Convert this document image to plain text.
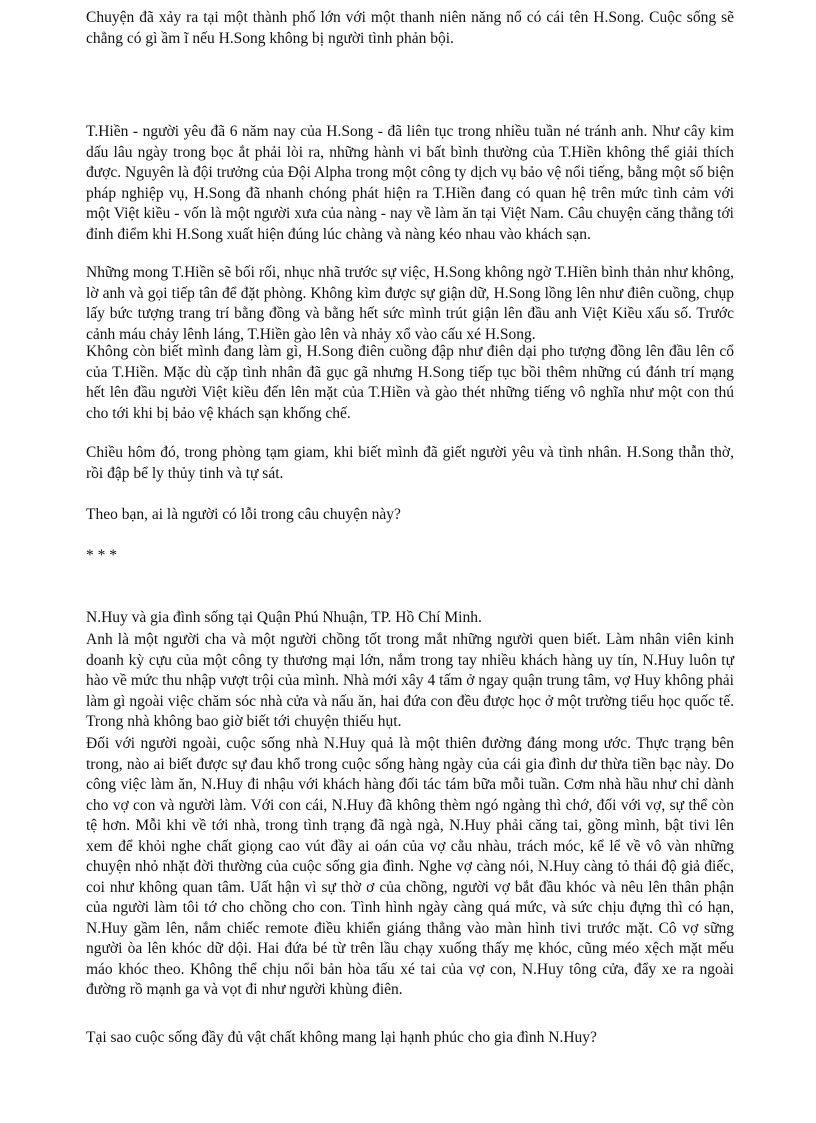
Chuyện đã xảy ra tại một thành phố lớn với một thanh niên năng nổ có cái tên H.Song. Cuộc sống sẽ chẳng có gì ầm ĩ nếu H.Song không bị người tình phản bội.

T.Hiền - người yêu đã 6 năm nay của H.Song - đã liên tục trong nhiều tuần né tránh anh. Như cây kim dấu lâu ngày trong bọc ắt phải lòi ra, những hành vi bất bình thường của T.Hiền không thể giải thích được. Nguyên là đội trưởng của Đội Alpha trong một công ty dịch vụ bảo vệ nổi tiếng, bằng một số biện pháp nghiệp vụ, H.Song đã nhanh chóng phát hiện ra T.Hiền đang có quan hệ trên mức tình cảm với một Việt kiều - vốn là một người xưa của nàng - nay về làm ăn tại Việt Nam. Câu chuyện căng thẳng tới đỉnh điểm khi H.Song xuất hiện đúng lúc chàng và nàng kéo nhau vào khách sạn.

Những mong T.Hiền sẽ bối rối, nhục nhã trước sự việc, H.Song không ngờ T.Hiền bình thản như không, lờ anh và gọi tiếp tân để đặt phòng. Không kìm được sự giận dữ, H.Song lồng lên như điên cuồng, chụp lấy bức tượng trang trí bằng đồng và bằng hết sức mình trút giận lên đầu anh Việt Kiều xấu số. Trước cảnh máu chảy lênh láng, T.Hiền gào lên và nhảy xổ vào cấu xé H.Song.

Không còn biết mình đang làm gì, H.Song điên cuồng đập như điên dại pho tượng đồng lên đầu lên cổ của T.Hiền. Mặc dù cặp tình nhân đã gục gã nhưng H.Song tiếp tục bồi thêm những cú đánh trí mạng hết lên đầu người Việt kiều đến lên mặt của T.Hiền và gào thét những tiếng vô nghĩa như một con thú cho tới khi bị bảo vệ khách sạn khống chế.

Chiều hôm đó, trong phòng tạm giam, khi biết mình đã giết người yêu và tình nhân. H.Song thẫn thờ, rồi đập bể ly thủy tinh và tự sát.

Theo bạn, ai là người có lỗi trong câu chuyện này?

* * *

N.Huy và gia đình sống tại Quận Phú Nhuận, TP. Hồ Chí Minh.

Anh là một người cha và một người chồng tốt trong mắt những người quen biết. Làm nhân viên kinh doanh kỳ cựu của một công ty thương mại lớn, nắm trong tay nhiều khách hàng uy tín, N.Huy luôn tự hào về mức thu nhập vượt trội của mình. Nhà mới xây 4 tấm ở ngay quận trung tâm, vợ Huy không phải làm gì ngoài việc chăm sóc nhà cửa và nấu ăn, hai đứa con đều được học ở một trường tiểu học quốc tế. Trong nhà không bao giờ biết tới chuyện thiếu hụt.

Đối với người ngoài, cuộc sống nhà N.Huy quả là một thiên đường đáng mong ước. Thực trạng bên trong, nào ai biết được sự đau khổ trong cuộc sống hàng ngày của cái gia đình dư thừa tiền bạc này. Do công việc làm ăn, N.Huy đi nhậu với khách hàng đối tác tám bữa mỗi tuần. Cơm nhà hầu như chỉ dành cho vợ con và người làm. Với con cái, N.Huy đã không thèm ngó ngàng thì chớ, đối với vợ, sự thể còn tệ hơn. Mỗi khi về tới nhà, trong tình trạng đã ngà ngà, N.Huy phải căng tai, gồng mình, bật tivi lên xem để khỏi nghe chất giọng cao vút đầy ai oán của vợ cằu nhàu, trách móc, kể lể về vô vàn những chuyện nhỏ nhặt đời thường của cuộc sống gia đình. Nghe vợ càng nói, N.Huy càng tỏ thái độ giả điếc, coi như không quan tâm. Uất hận vì sự thờ ơ của chồng, người vợ bắt đầu khóc và nêu lên thân phận của người làm tôi tớ cho chồng cho con. Tình hình ngày càng quá mức, và sức chịu đựng thì có hạn, N.Huy gầm lên, nắm chiếc remote điều khiển giáng thẳng vào màn hình tivi trước mặt. Cô vợ sững người òa lên khóc dữ dội. Hai đứa bé từ trên lầu chạy xuống thấy mẹ khóc, cũng méo xệch mặt mếu máo khóc theo. Không thể chịu nổi bản hòa tấu xé tai của vợ con, N.Huy tông cửa, đẩy xe ra ngoài đường rồ mạnh ga và vọt đi như người khùng điên.

Tại sao cuộc sống đầy đủ vật chất không mang lại hạnh phúc cho gia đình N.Huy?
